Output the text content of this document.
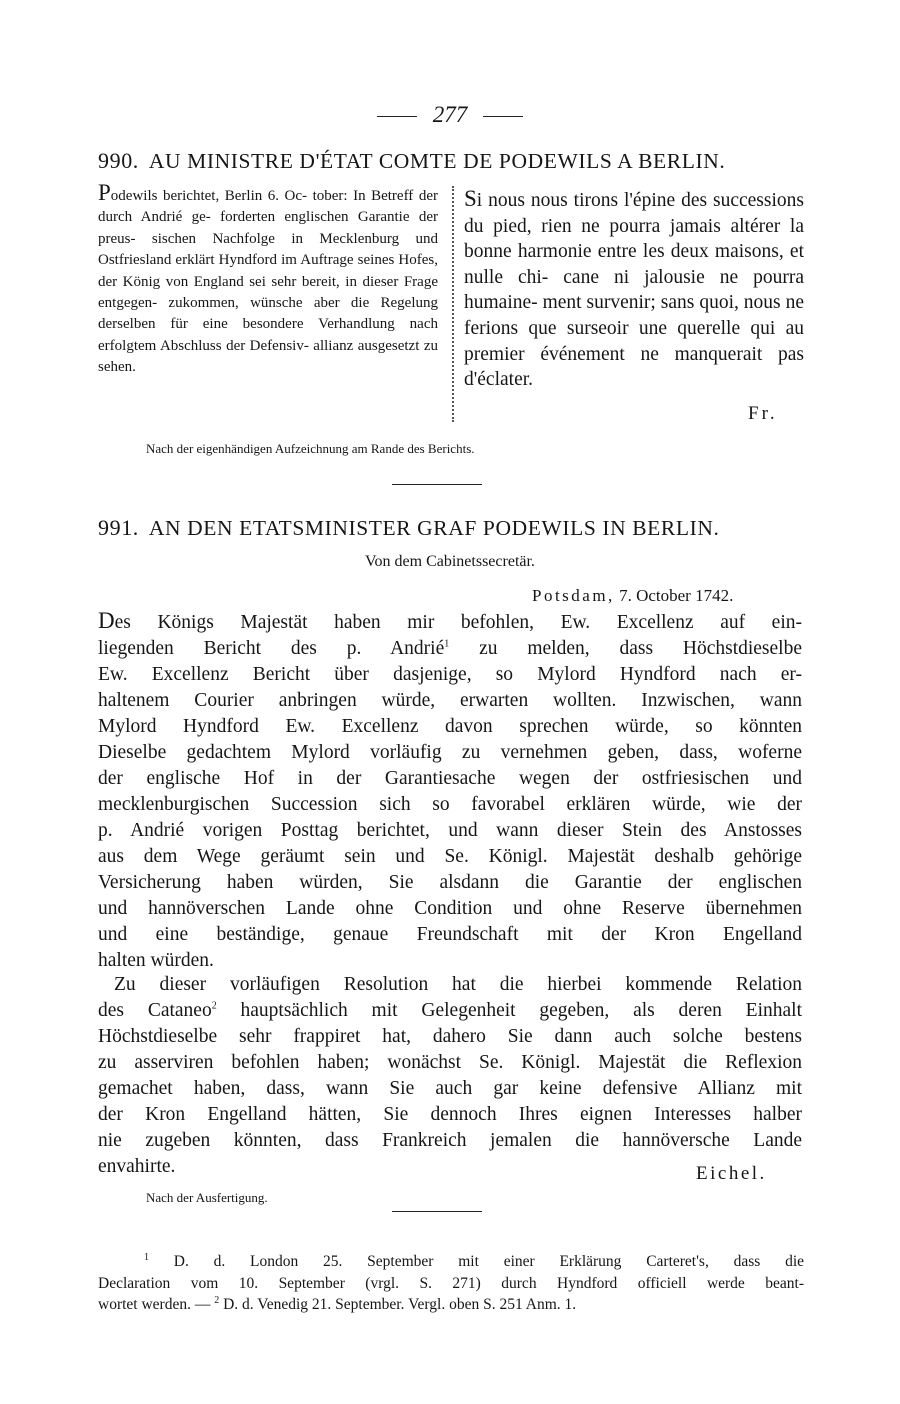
277
990. AU MINISTRE D'ÉTAT COMTE DE PODEWILS A BERLIN.
Podewils berichtet, Berlin 6. Oc- tober: In Betreff der durch Andrié ge- forderten englischen Garantie der preus- sischen Nachfolge in Mecklenburg und Ostfriesland erklärt Hyndford im Auftrage seines Hofes, der König von England sei sehr bereit, in dieser Frage entgegen- zukommen, wünsche aber die Regelung derselben für eine besondere Verhandlung nach erfolgtem Abschluss der Defensiv- allianz ausgesetzt zu sehen.
Si nous nous tirons l'épine des successions du pied, rien ne pourra jamais altérer la bonne harmonie entre les deux maisons, et nulle chi- cane ni jalousie ne pourra humaine- ment survenir; sans quoi, nous ne ferions que surseoir une querelle qui au premier événement ne manquerait pas d'éclater.
Fr.
Nach der eigenhändigen Aufzeichnung am Rande des Berichts.
991. AN DEN ETATSMINISTER GRAF PODEWILS IN BERLIN.
Von dem Cabinetssecretär.
Potsdam, 7. October 1742.
Des Königs Majestät haben mir befohlen, Ew. Excellenz auf ein-
liegenden Bericht des p. Andrié$^1$ zu melden, dass Höchstdieselbe
Ew. Excellenz Bericht über dasjenige, so Mylord Hyndford nach er-
haltenem Courier anbringen würde, erwarten wollten. Inzwischen, wann
Mylord Hyndford Ew. Excellenz davon sprechen würde, so könnten
Dieselbe gedachtem Mylord vorläufig zu vernehmen geben, dass, woferne
der englische Hof in der Garantiesache wegen der ostfriesischen und
mecklenburgischen Succession sich so favorabel erklären würde, wie der
p. Andrié vorigen Posttag berichtet, und wann dieser Stein des Anstosses
aus dem Wege geräumt sein und Se. Königl. Majestät deshalb gehörige
Versicherung haben würden, Sie alsdann die Garantie der englischen
und hannöverschen Lande ohne Condition und ohne Reserve übernehmen
und eine beständige, genaue Freundschaft mit der Kron Engelland
halten würden.
Zu dieser vorläufigen Resolution hat die hierbei kommende Relation
des Cataneo$^2$ hauptsächlich mit Gelegenheit gegeben, als deren Einhalt
Höchstdieselbe sehr frappiret hat, dahero Sie dann auch solche bestens
zu asserviren befohlen haben; wonächst Se. Königl. Majestät die Reflexion
gemachet haben, dass, wann Sie auch gar keine defensive Allianz mit
der Kron Engelland hätten, Sie dennoch Ihres eignen Interesses halber
nie zugeben könnten, dass Frankreich jemalen die hannöversche Lande
envahirte.	Eichel.
Nach der Ausfertigung.
$^1$ D. d. London 25. September mit einer Erklärung Carteret's, dass die
Declaration vom 10. September (vrgl. S. 271) durch Hyndford officiell werde beant-
wortet werden. — $^2$ D. d. Venedig 21. September. Vergl. oben S. 251 Anm. 1.
